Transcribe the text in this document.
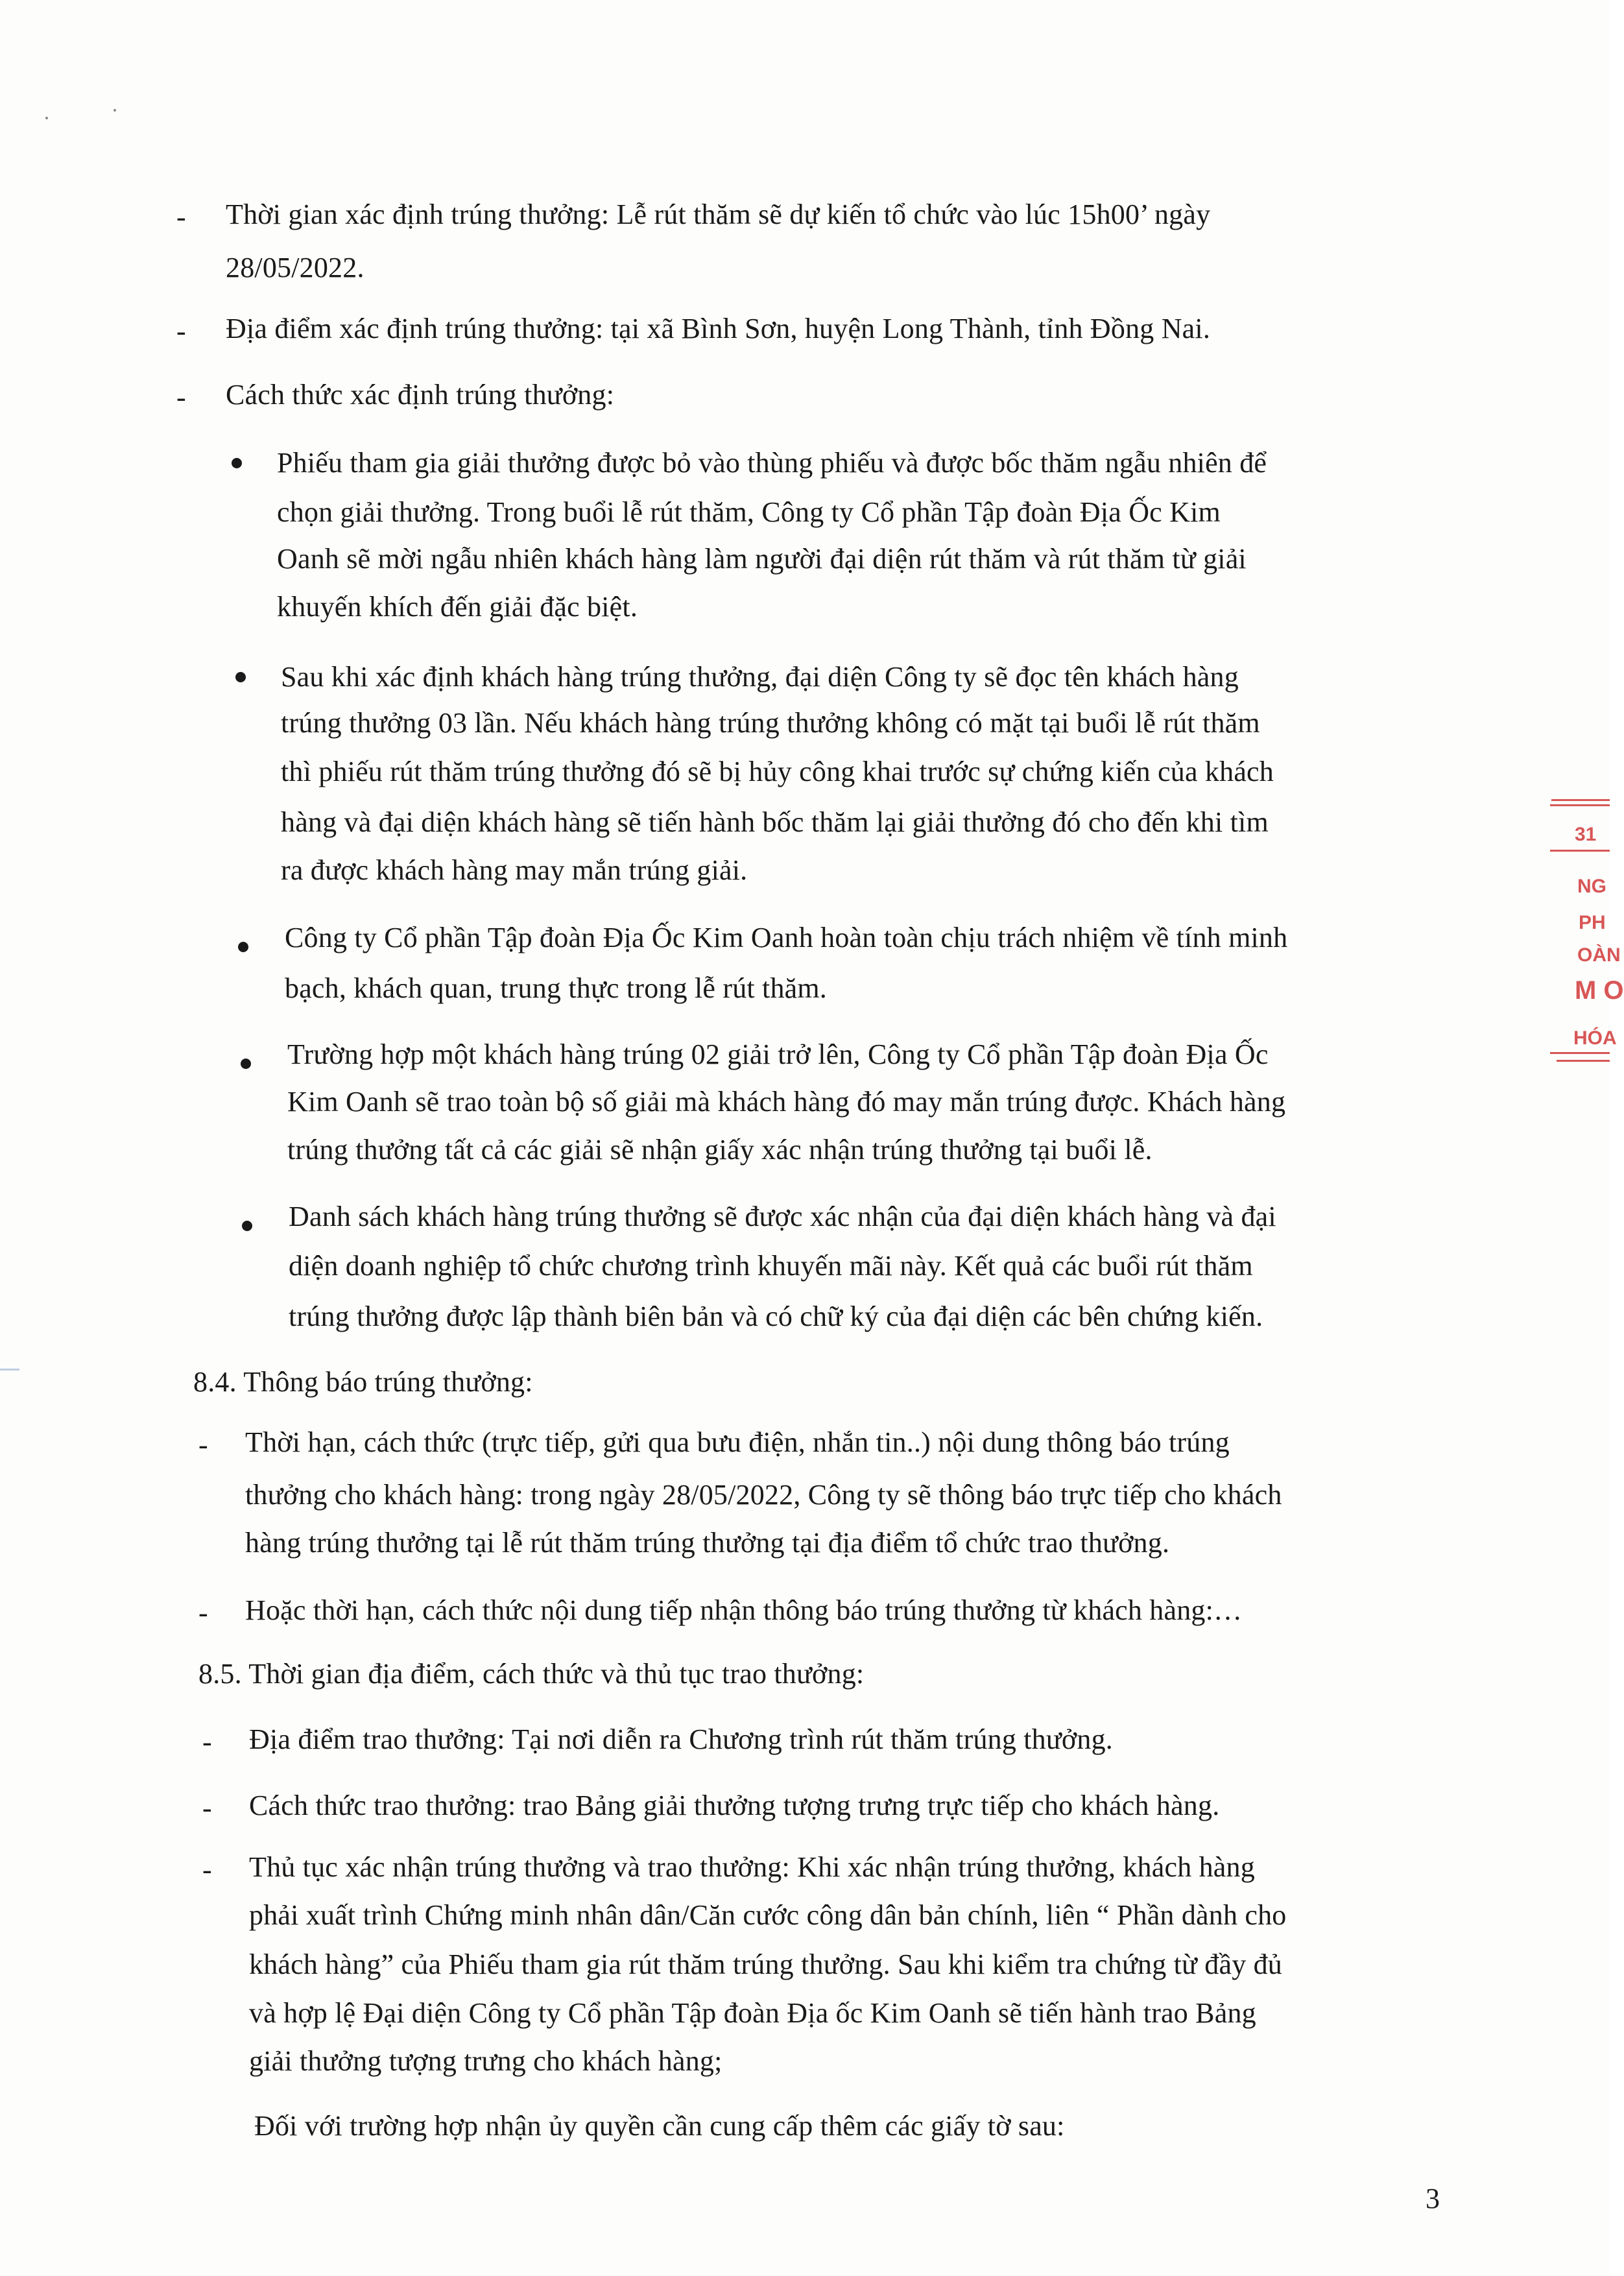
- Thời gian xác định trúng thưởng: Lễ rút thăm sẽ dự kiến tổ chức vào lúc 15h00’ ngày
28/05/2022.
- Địa điểm xác định trúng thưởng: tại xã Bình Sơn, huyện Long Thành, tỉnh Đồng Nai.
- Cách thức xác định trúng thưởng:
Phiếu tham gia giải thưởng được bỏ vào thùng phiếu và được bốc thăm ngẫu nhiên để
chọn giải thưởng. Trong buổi lễ rút thăm, Công ty Cổ phần Tập đoàn Địa Ốc Kim
Oanh sẽ mời ngẫu nhiên khách hàng làm người đại diện rút thăm và rút thăm từ giải
khuyến khích đến giải đặc biệt.
Sau khi xác định khách hàng trúng thưởng, đại diện Công ty sẽ đọc tên khách hàng
trúng thưởng 03 lần. Nếu khách hàng trúng thưởng không có mặt tại buổi lễ rút thăm
thì phiếu rút thăm trúng thưởng đó sẽ bị hủy công khai trước sự chứng kiến của khách
hàng và đại diện khách hàng sẽ tiến hành bốc thăm lại giải thưởng đó cho đến khi tìm
ra được khách hàng may mắn trúng giải.
Công ty Cổ phần Tập đoàn Địa Ốc Kim Oanh hoàn toàn chịu trách nhiệm về tính minh
bạch, khách quan, trung thực trong lễ rút thăm.
Trường hợp một khách hàng trúng 02 giải trở lên, Công ty Cổ phần Tập đoàn Địa Ốc
Kim Oanh sẽ trao toàn bộ số giải mà khách hàng đó may mắn trúng được. Khách hàng
trúng thưởng tất cả các giải sẽ nhận giấy xác nhận trúng thưởng tại buổi lễ.
Danh sách khách hàng trúng thưởng sẽ được xác nhận của đại diện khách hàng và đại
diện doanh nghiệp tổ chức chương trình khuyến mãi này. Kết quả các buổi rút thăm
trúng thưởng được lập thành biên bản và có chữ ký của đại diện các bên chứng kiến.
8.4. Thông báo trúng thưởng:
- Thời hạn, cách thức (trực tiếp, gửi qua bưu điện, nhắn tin..) nội dung thông báo trúng
thưởng cho khách hàng: trong ngày 28/05/2022, Công ty sẽ thông báo trực tiếp cho khách
hàng trúng thưởng tại lễ rút thăm trúng thưởng tại địa điểm tổ chức trao thưởng.
- Hoặc thời hạn, cách thức nội dung tiếp nhận thông báo trúng thưởng từ khách hàng:…
8.5. Thời gian địa điểm, cách thức và thủ tục trao thưởng:
- Địa điểm trao thưởng: Tại nơi diễn ra Chương trình rút thăm trúng thưởng.
- Cách thức trao thưởng: trao Bảng giải thưởng tượng trưng trực tiếp cho khách hàng.
- Thủ tục xác nhận trúng thưởng và trao thưởng: Khi xác nhận trúng thưởng, khách hàng
phải xuất trình Chứng minh nhân dân/Căn cước công dân bản chính, liên “ Phần dành cho
khách hàng” của Phiếu tham gia rút thăm trúng thưởng. Sau khi kiểm tra chứng từ đầy đủ
và hợp lệ Đại diện Công ty Cổ phần Tập đoàn Địa ốc Kim Oanh sẽ tiến hành trao Bảng
giải thưởng tượng trưng cho khách hàng;
Đối với trường hợp nhận ủy quyền cần cung cấp thêm các giấy tờ sau:
3
31
NG
PH
OÀN
M O
HÓA
